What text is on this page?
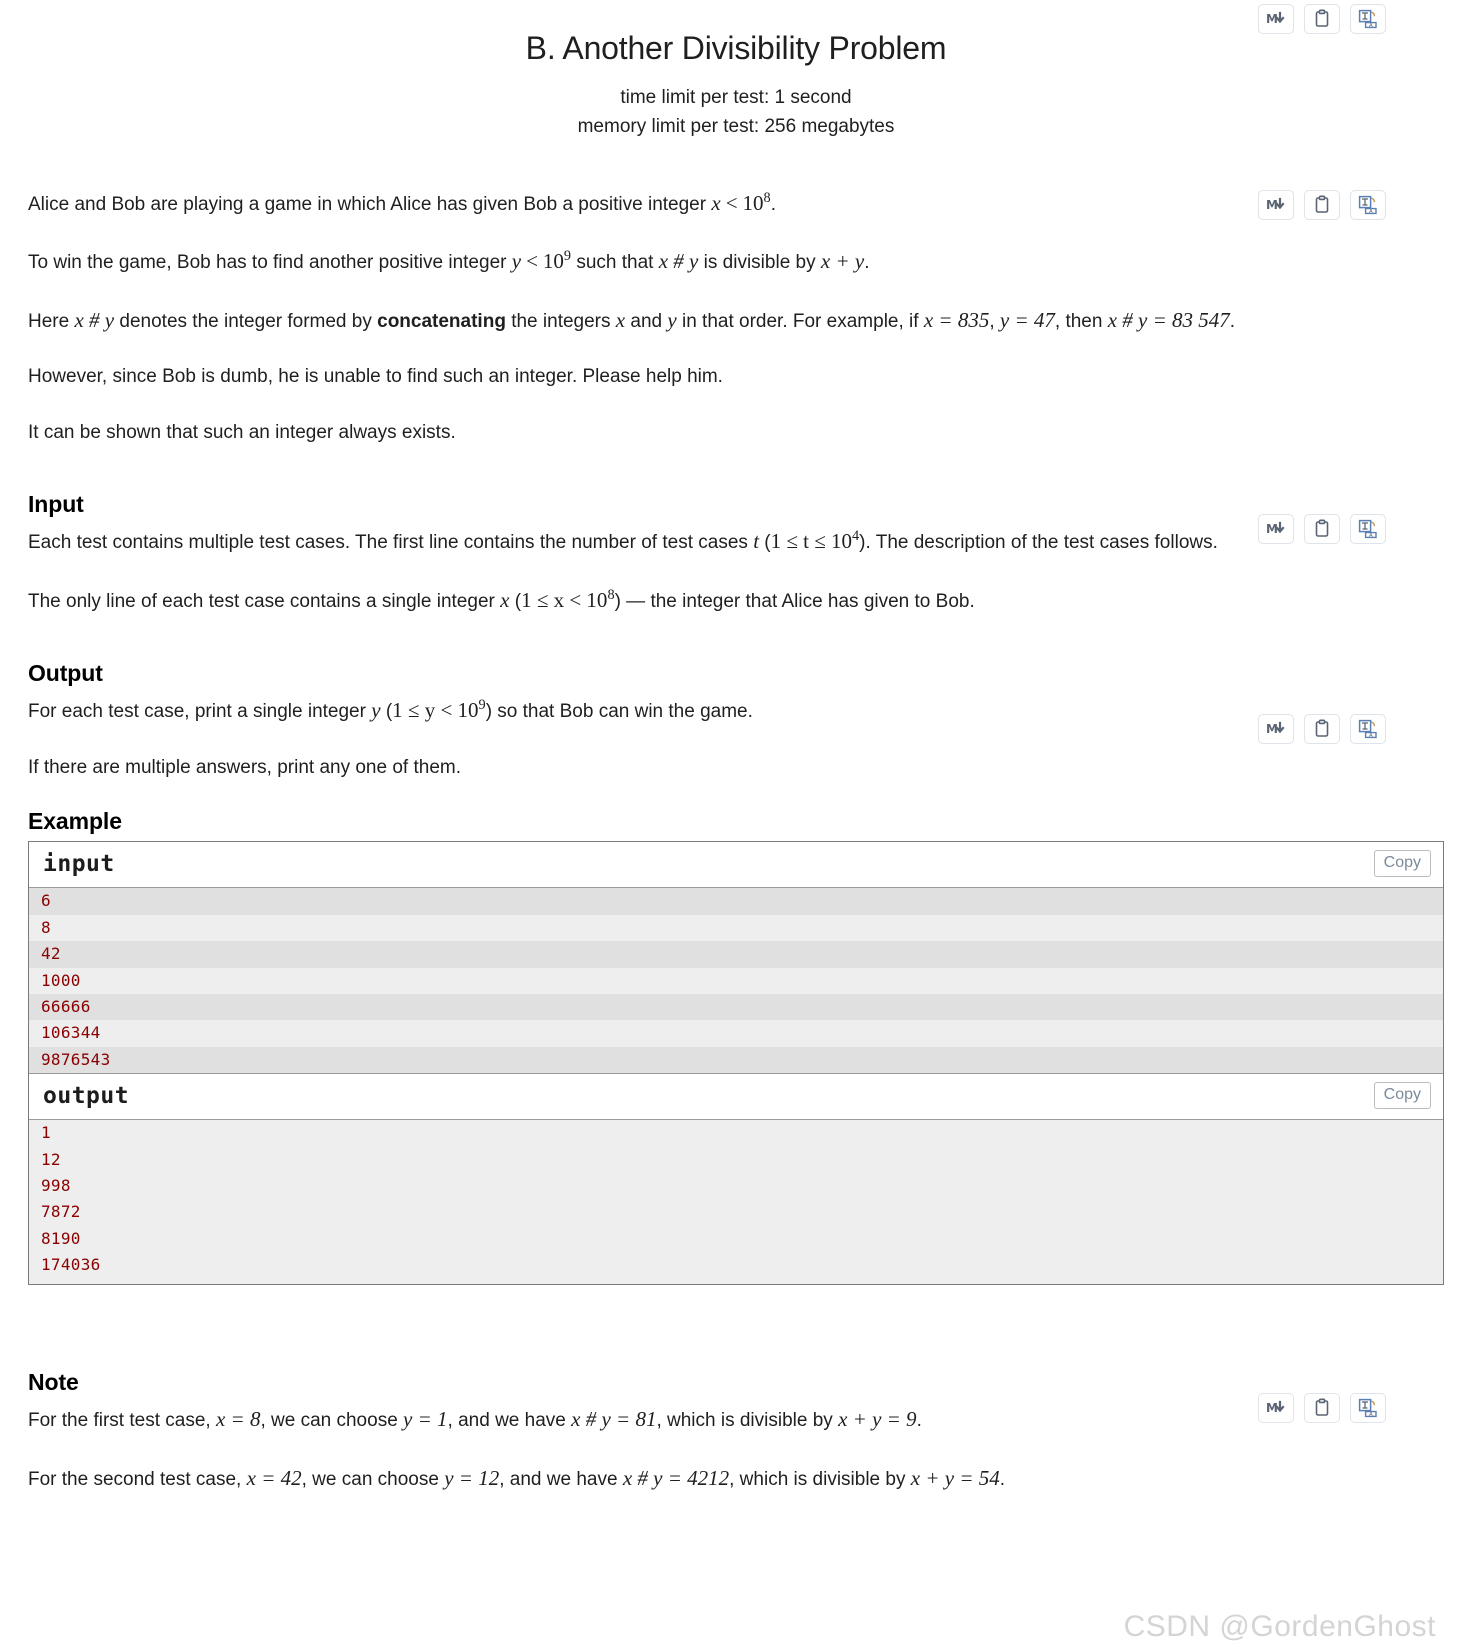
M	A
M	A
M	A
M	A
M	A
B. Another Divisibility Problem
time limit per test: 1 second
memory limit per test: 256 megabytes

Alice and Bob are playing a game in which Alice has given Bob a positive integer $x < 10^8$.

To win the game, Bob has to find another positive integer $y < 10^9$ such that x # y is divisible by x + y.

Here x # y denotes the integer formed by concatenating the integers x and y in that order. For example, if x = 835, y = 47, then x # y = 83 547.

However, since Bob is dumb, he is unable to find such an integer. Please help him.

It can be shown that such an integer always exists.

Input

Each test contains multiple test cases. The first line contains the number of test cases t $(1 \le t \le 10^4)$. The description of the test cases follows.

The only line of each test case contains a single integer x $(1 \le x < 10^8)$ — the integer that Alice has given to Bob.

Output

For each test case, print a single integer y $(1 \le y < 10^9)$ so that Bob can win the game.

If there are multiple answers, print any one of them.

Example
input	Copy
6
8
42
1000
66666
106344
9876543
output	Copy
1
12
998
7872
8190
174036
Note

For the first test case, x = 8, we can choose y = 1, and we have x # y = 81, which is divisible by x + y = 9.

For the second test case, x = 42, we can choose y = 12, and we have x # y = 4212, which is divisible by x + y = 54.

CSDN @GordenGhost
